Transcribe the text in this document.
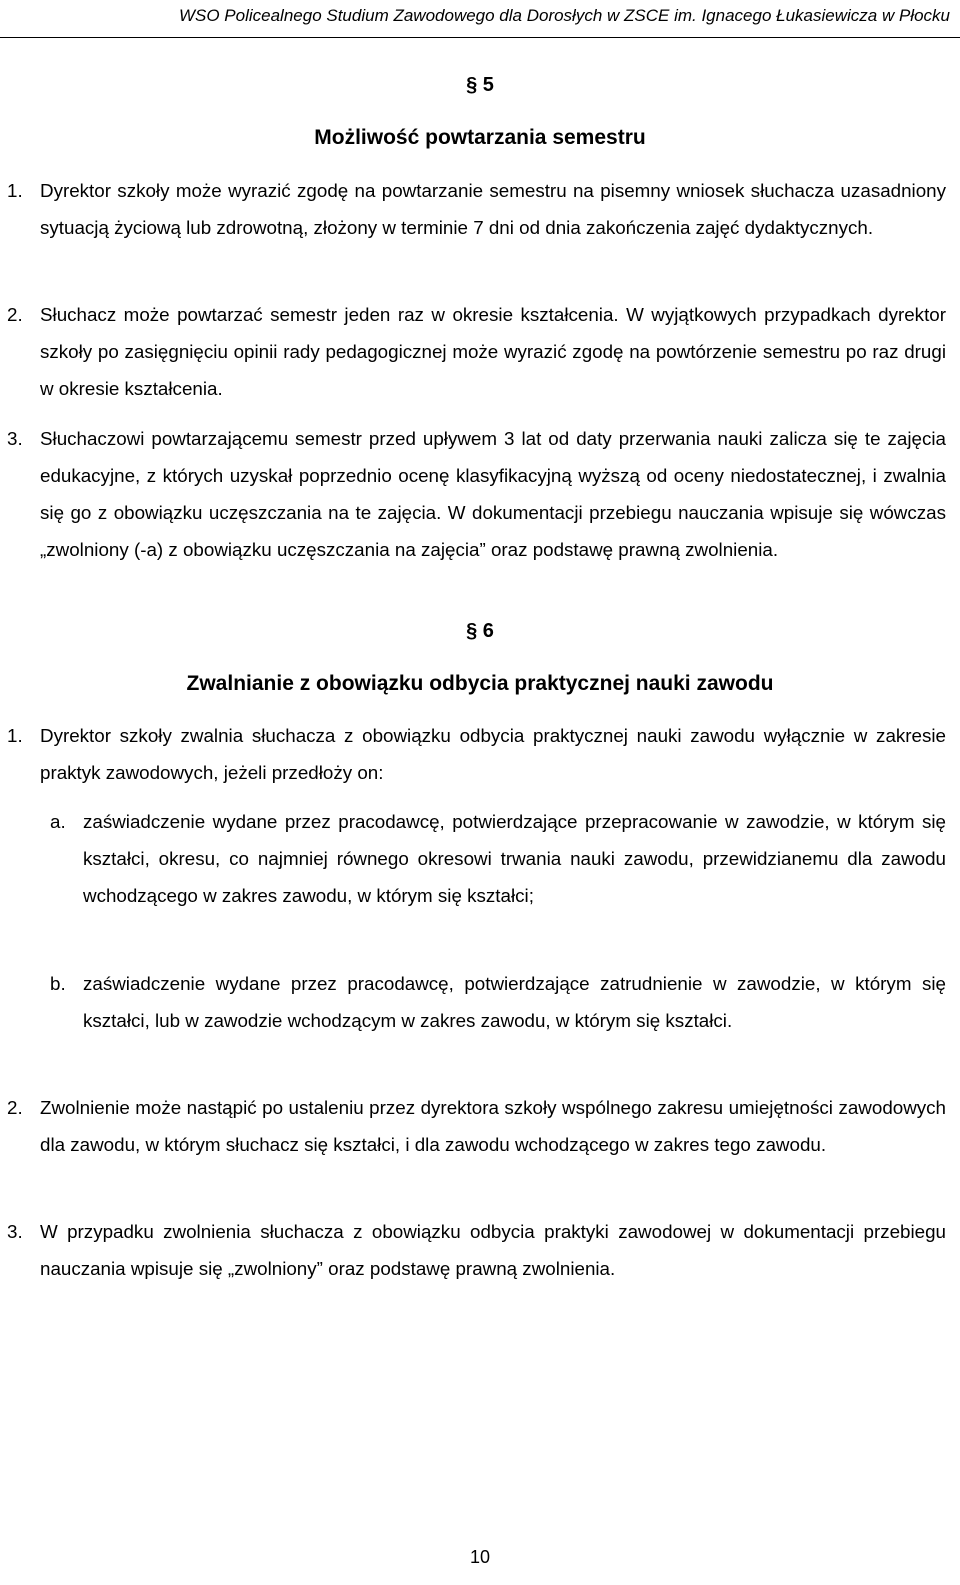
WSO Policealnego Studium Zawodowego dla Dorosłych w ZSCE im. Ignacego Łukasiewicza w Płocku
§ 5
Możliwość powtarzania semestru
1. Dyrektor szkoły może wyrazić zgodę na powtarzanie semestru na pisemny wniosek słuchacza uzasadniony sytuacją życiową lub zdrowotną, złożony w terminie 7 dni od dnia zakończenia zajęć dydaktycznych.
2. Słuchacz może powtarzać semestr jeden raz w okresie kształcenia. W wyjątkowych przypadkach dyrektor szkoły po zasięgnięciu opinii rady pedagogicznej może wyrazić zgodę na powtórzenie semestru po raz drugi w okresie kształcenia.
3. Słuchaczowi powtarzającemu semestr przed upływem 3 lat od daty przerwania nauki zalicza się te zajęcia edukacyjne, z których uzyskał poprzednio ocenę klasyfikacyjną wyższą od oceny niedostatecznej, i zwalnia się go z obowiązku uczęszczania na te zajęcia. W dokumentacji przebiegu nauczania wpisuje się wówczas „zwolniony (-a) z obowiązku uczęszczania na zajęcia” oraz podstawę prawną zwolnienia.
§ 6
Zwalnianie z obowiązku odbycia praktycznej nauki zawodu
1. Dyrektor szkoły zwalnia słuchacza z obowiązku odbycia praktycznej nauki zawodu wyłącznie w zakresie praktyk zawodowych, jeżeli przedłoży on:
a. zaświadczenie wydane przez pracodawcę, potwierdzające przepracowanie w zawodzie, w którym się kształci, okresu, co najmniej równego okresowi trwania nauki zawodu, przewidzianemu dla zawodu wchodzącego w zakres zawodu, w którym się kształci;
b. zaświadczenie wydane przez pracodawcę, potwierdzające zatrudnienie w zawodzie, w którym się kształci, lub w zawodzie wchodzącym w zakres zawodu, w którym się kształci.
2. Zwolnienie może nastąpić po ustaleniu przez dyrektora szkoły wspólnego zakresu umiejętności zawodowych dla zawodu, w którym słuchacz się kształci, i dla zawodu wchodzącego w zakres tego zawodu.
3. W przypadku zwolnienia słuchacza z obowiązku odbycia praktyki zawodowej w dokumentacji przebiegu nauczania wpisuje się „zwolniony” oraz podstawę prawną zwolnienia.
10
